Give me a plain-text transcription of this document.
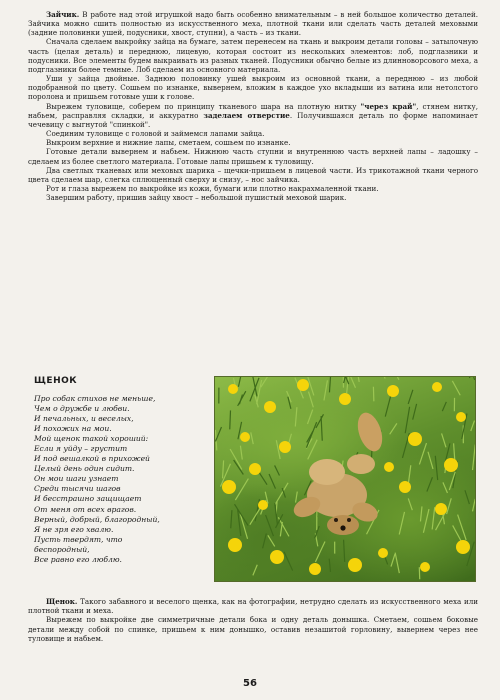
Зайчик. В работе над этой игрушкой надо быть особенно внимательным – в ней большое количество деталей. Зайчика можно сшить полностью из искусственного меха, плотной ткани или сделать часть деталей меховыми (задние половинки ушей, подусники, хвост, ступни), а часть – из ткани.

Сначала сделаем выкройку зайца на бумаге, затем перенесем на ткань и выкроим детали головы – затылочную часть (целая деталь) и переднюю, лицевую, которая состоит из нескольких элементов: лоб, подглазники и подусники. Все элементы будем выкраивать из разных тканей. Подусники обычно белые из длинноворсового меха, а подглазники более темные. Лоб сделаем из основного материала.

Уши у зайца двойные. Заднюю половинку ушей выкроим из основной ткани, а переднюю – из любой подобранной по цвету. Сошьем по изнанке, вывернем, вложим в каждое ухо вкладыши из ватина или нетолстого поролона и пришьем готовые уши к голове.

Вырежем туловище, соберем по принципу тканевого шара на плотную нитку "через край", стянем нитку, набьем, расправляя складки, и аккуратно заделаем отверстие. Получившаяся деталь по форме напоминает чечевицу с выгнутой "спинкой".

Соединим туловище с головой и займемся лапами зайца.

Выкроим верхние и нижние лапы, сметаем, сошьем по изнанке.

Готовые детали вывернем и набьем. Нижнюю часть ступни и внутреннюю часть верхней лапы – ладошку – сделаем из более светлого материала. Готовые лапы пришьем к туловищу.

Два светлых тканевых или меховых шарика – щечки-пришьем в лицевой части. Из трикотажной ткани черного цвета сделаем шар, слегка сплющенный сверху и снизу, – нос зайчика.

Рот и глаза вырежем по выкройке из кожи, бумаги или плотно накрахмаленной ткани.

Завершим работу, пришив зайцу хвост – небольшой пушистый меховой шарик.

ЩЕНОК
Про собак стихов не меньше,
Чем о дружбе и любви.
И печальных, и веселых,
И похожих на мои.
Мой щенок такой хороший:
Если я уйду – грустит
И под вешалкой в прихожей
Целый день один сидит.
Он мои шаги узнает
Среди тысячи шагов
И бесстрашно защищает
От меня от всех врагов.
Верный, добрый, благородный,
Я не зря его хвалю.
Пусть твердят, что
беспородный,
Все равно его люблю.

Щенок. Такого забавного и веселого щенка, как на фотографии, нетрудно сделать из искусственного меха или плотной ткани и меха.

Вырежем по выкройке две симметричные детали бока и одну деталь донышка. Сметаем, сошьем боковые детали между собой по спинке, пришьем к ним донышко, оставив незашитой горловину, вывернем через нее туловище и набьем.

56
